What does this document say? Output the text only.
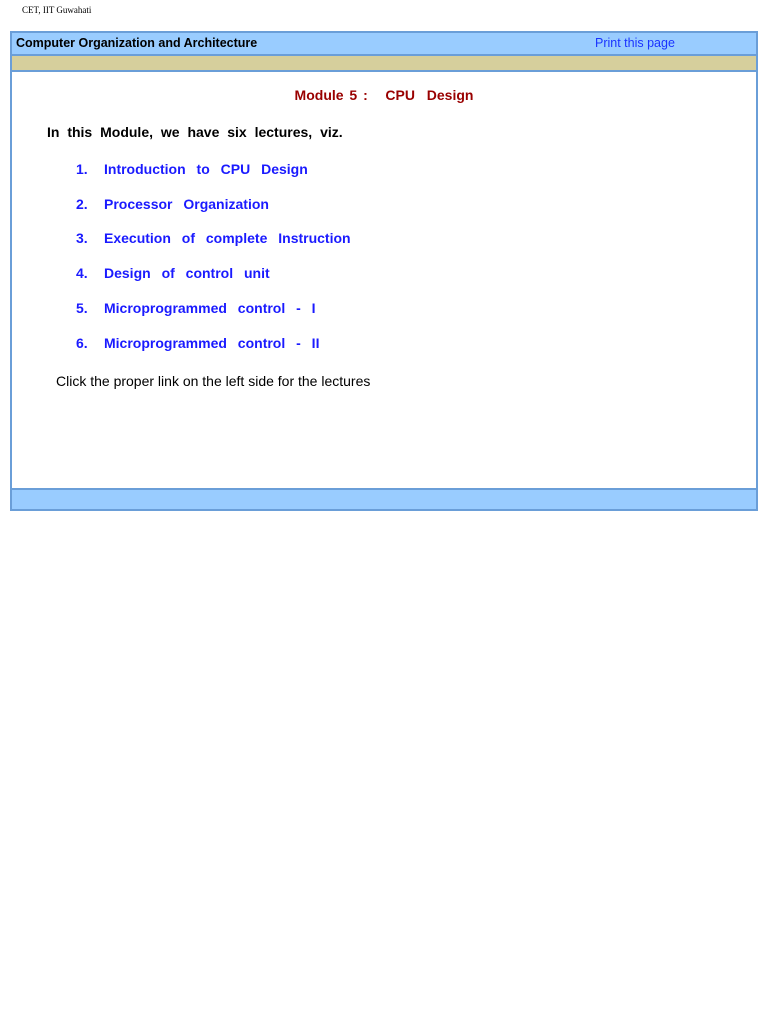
CET, IIT Guwahati
Computer Organization and Architecture	Print this page
Module 5 :   CPU  Design
In this Module, we have six lectures, viz.
1. Introduction to CPU Design
2. Processor Organization
3. Execution of complete Instruction
4. Design of control unit
5. Microprogrammed control - I
6. Microprogrammed control - II
Click the proper link on the left side for the lectures
